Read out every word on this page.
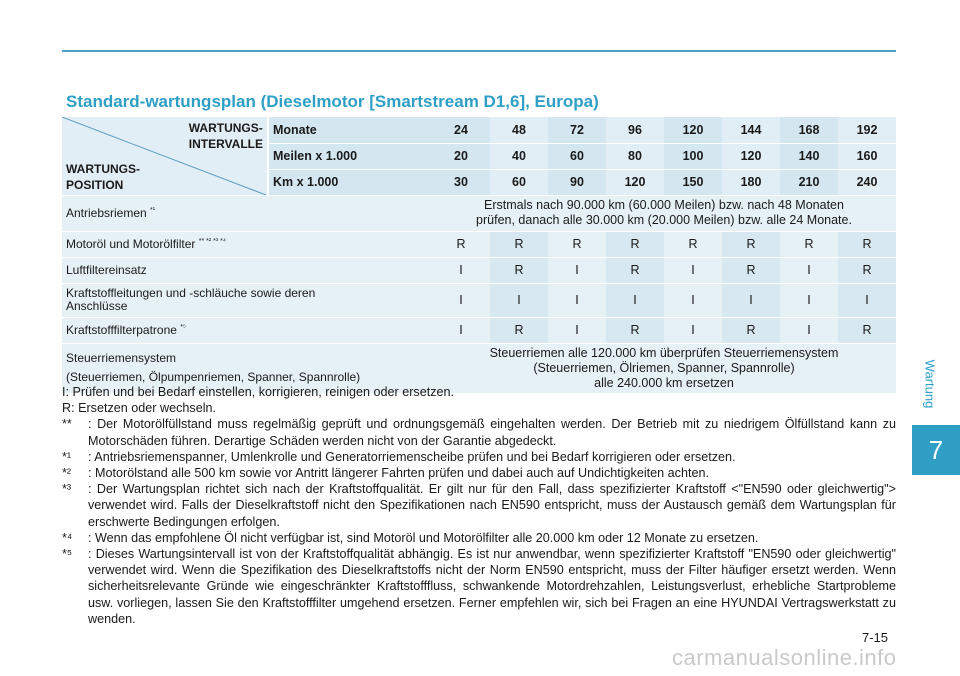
Wartung
7
Standard-wartungsplan (Dieselmotor [Smartstream D1,6], Europa)
WARTUNGS-
INTERVALLE
WARTUNGS-
POSITION	Monate	24	48	72	96	120	144	168	192
	Meilen x 1.000	20	40	60	80	100	120	140	160
	Km x 1.000	30	60	90	120	150	180	210	240
Antriebsriemen $^{*^1}$		Erstmals nach 90.000 km (60.000 Meilen) bzw. nach 48 Monaten
prüfen, danach alle 30.000 km (20.000 Meilen) bzw. alle 24 Monate.							
Motoröl und Motorölfilter $^{** *^2 *^3 *^4}$		R	R	R	R	R	R	R	R
Luftfiltereinsatz		I	R	I	R	I	R	I	R
Kraftstoffleitungen und -schläuche sowie deren
Anschlüsse		I	I	I	I	I	I	I	I
Kraftstofffilterpatrone $^{*^5}$		I	R	I	R	I	R	I	R
Steuerriemensystem
(Steuerriemen, Ölpumpenriemen, Spanner, Spannrolle)		Steuerriemen alle 120.000 km überprüfen Steuerriemensystem
(Steuerriemen, Ölriemen, Spanner, Spannrolle)
alle 240.000 km ersetzen							
I: Prüfen und bei Bedarf einstellen, korrigieren, reinigen oder ersetzen.
R: Ersetzen oder wechseln.
**	: Der Motorölfüllstand muss regelmäßig geprüft und ordnungsgemäß eingehalten werden. Der Betrieb mit zu niedrigem Ölfüllstand kann zu Motorschäden führen. Derartige Schäden werden nicht von der Garantie abgedeckt.
*¹	: Antriebsriemenspanner, Umlenkrolle und Generatorriemenscheibe prüfen und bei Bedarf korrigieren oder ersetzen.
*²	: Motorölstand alle 500 km sowie vor Antritt längerer Fahrten prüfen und dabei auch auf Undichtigkeiten achten.
*³	: Der Wartungsplan richtet sich nach der Kraftstoffqualität. Er gilt nur für den Fall, dass spezifizierter Kraftstoff <"EN590 oder gleichwertig"> verwendet wird. Falls der Dieselkraftstoff nicht den Spezifikationen nach EN590 entspricht, muss der Austausch gemäß dem Wartungsplan für erschwerte Bedingungen erfolgen.
*⁴	: Wenn das empfohlene Öl nicht verfügbar ist, sind Motoröl und Motorölfilter alle 20.000 km oder 12 Monate zu ersetzen.
*⁵	: Dieses Wartungsintervall ist von der Kraftstoffqualität abhängig. Es ist nur anwendbar, wenn spezifizierter Kraftstoff "EN590 oder gleichwertig" verwendet wird. Wenn die Spezifikation des Dieselkraftstoffs nicht der Norm EN590 entspricht, muss der Filter häufiger ersetzt werden. Wenn sicherheitsrelevante Gründe wie eingeschränkter Kraftstofffluss, schwankende Motordrehzahlen, Leistungsverlust, erhebliche Startprobleme usw. vorliegen, lassen Sie den Kraftstofffilter umgehend ersetzen. Ferner empfehlen wir, sich bei Fragen an eine HYUNDAI Vertragswerkstatt zu wenden.
7-15
carmanualsonline.info
